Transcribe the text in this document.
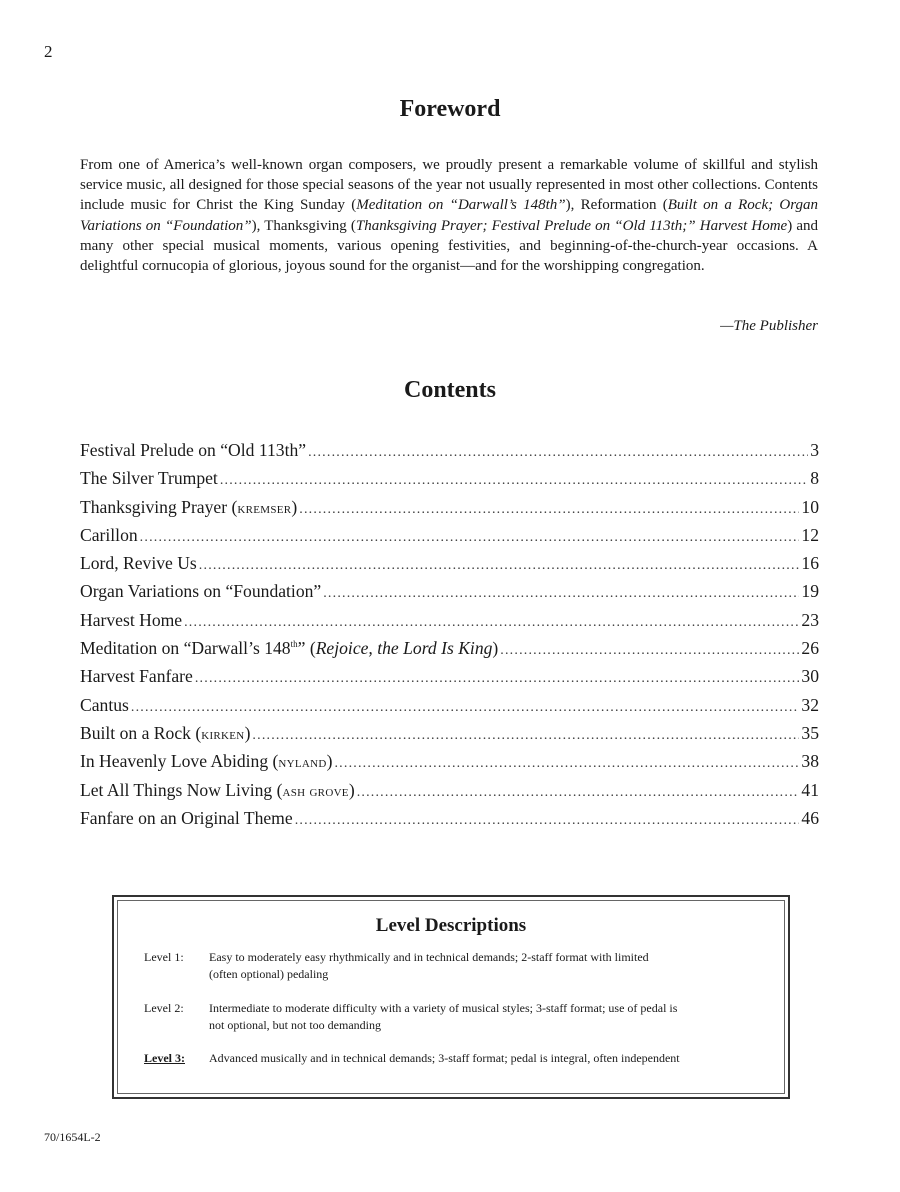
2
Foreword

From one of America’s well-known organ composers, we proudly present a remarkable volume of skillful and stylish service music, all designed for those special seasons of the year not usually represented in most other collections. Contents include music for Christ the King Sunday (Meditation on “Darwall’s 148th”), Reformation (Built on a Rock; Organ Variations on “Foundation”), Thanksgiving (Thanksgiving Prayer; Festival Prelude on “Old 113th;” Harvest Home) and many other special musical moments, various opening festivities, and beginning-of-the-church-year occasions. A delightful cornucopia of glorious, joyous sound for the organist—and for the worshipping congregation.

—The Publisher
Contents
Festival Prelude on “Old 113th” .....	3
The Silver Trumpet .....	8
Thanksgiving Prayer (kremser) .....	10
Carillon .....	12
Lord, Revive Us .....	16
Organ Variations on “Foundation” .....	19
Harvest Home .....	23
Meditation on “Darwall’s 148th” (Rejoice, the Lord Is King) .....	26
Harvest Fanfare .....	30
Cantus .....	32
Built on a Rock (kirken) .....	35
In Heavenly Love Abiding (nyland) .....	38
Let All Things Now Living (ash grove) .....	41
Fanfare on an Original Theme .....	46
Level Descriptions
Level 1:	Easy to moderately easy rhythmically and in technical demands; 2-staff format with limited
(often optional) pedaling
Level 2:	Intermediate to moderate difficulty with a variety of musical styles; 3-staff format; use of pedal is
not optional, but not too demanding
Level 3:	Advanced musically and in technical demands; 3-staff format; pedal is integral, often independent
70/1654L-2
